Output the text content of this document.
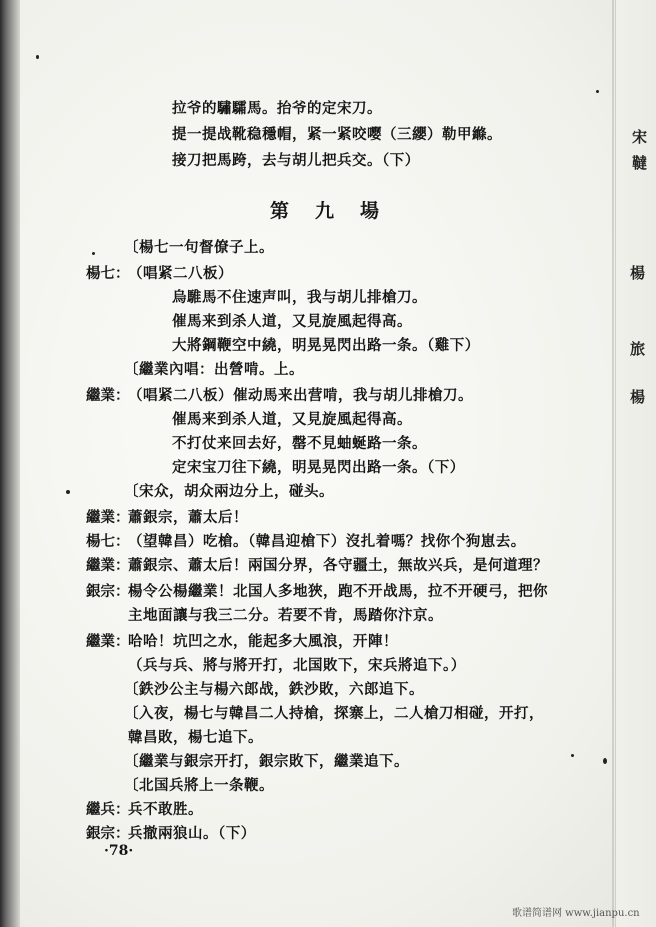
宋
韃
楊
旅
楊
拉爷的驌驦馬。抬爷的定宋刀。
提一提战靴稳穩帽，紧一紧咬嘤（三纓）勒甲縧。
接刀把馬跨，去与胡儿把兵交。（下）
第九場
〔楊七一句督僚子上。
楊七：
（唱紧二八板）
烏騅馬不住速声叫，我与胡儿排槍刀。
催馬来到杀人道，又見旋風起得高。
大將鋼鞭空中繞，明晃晃閃出路一条。（雞下）
〔繼業內唱：出營啃。上。
繼業：
（唱紧二八板）催动馬来出营啃，我与胡儿排槍刀。
催馬来到杀人道，又見旋風起得高。
不打仗来回去好，罄不見蚰蜒路一条。
定宋宝刀往下繞，明晃晃閃出路一条。（下）
〔宋众，胡众兩边分上，碰头。
繼業：
蕭銀宗，蕭太后！
楊七：
（望韓昌）吃槍。（韓昌迎槍下）沒扎着嗎？找你个狗崽去。
繼業：
蕭銀宗、蕭太后！兩国分界，各守疆土，無故兴兵，是何道理？
銀宗：
楊令公楊繼業！北国人多地狹，跑不开战馬，拉不开硬弓，把你
主地面讓与我三二分。若要不肯，馬踏你汴京。
繼業：
哈哈！坑凹之水，能起多大風浪，开陣！
（兵与兵、將与將开打，北国敗下，宋兵將追下。）
〔鉄沙公主与楊六郎战，鉄沙敗，六郎追下。
〔入夜，楊七与韓昌二人持槍，探寨上，二人槍刀相碰，开打，
韓昌敗，楊七追下。
〔繼業与銀宗开打，銀宗敗下，繼業追下。
〔北国兵將上一条鞭。
繼兵：
兵不敢胜。
銀宗：
兵撤兩狼山。（下）
·78·
歌谱简谱网 www.jianpu.cn
